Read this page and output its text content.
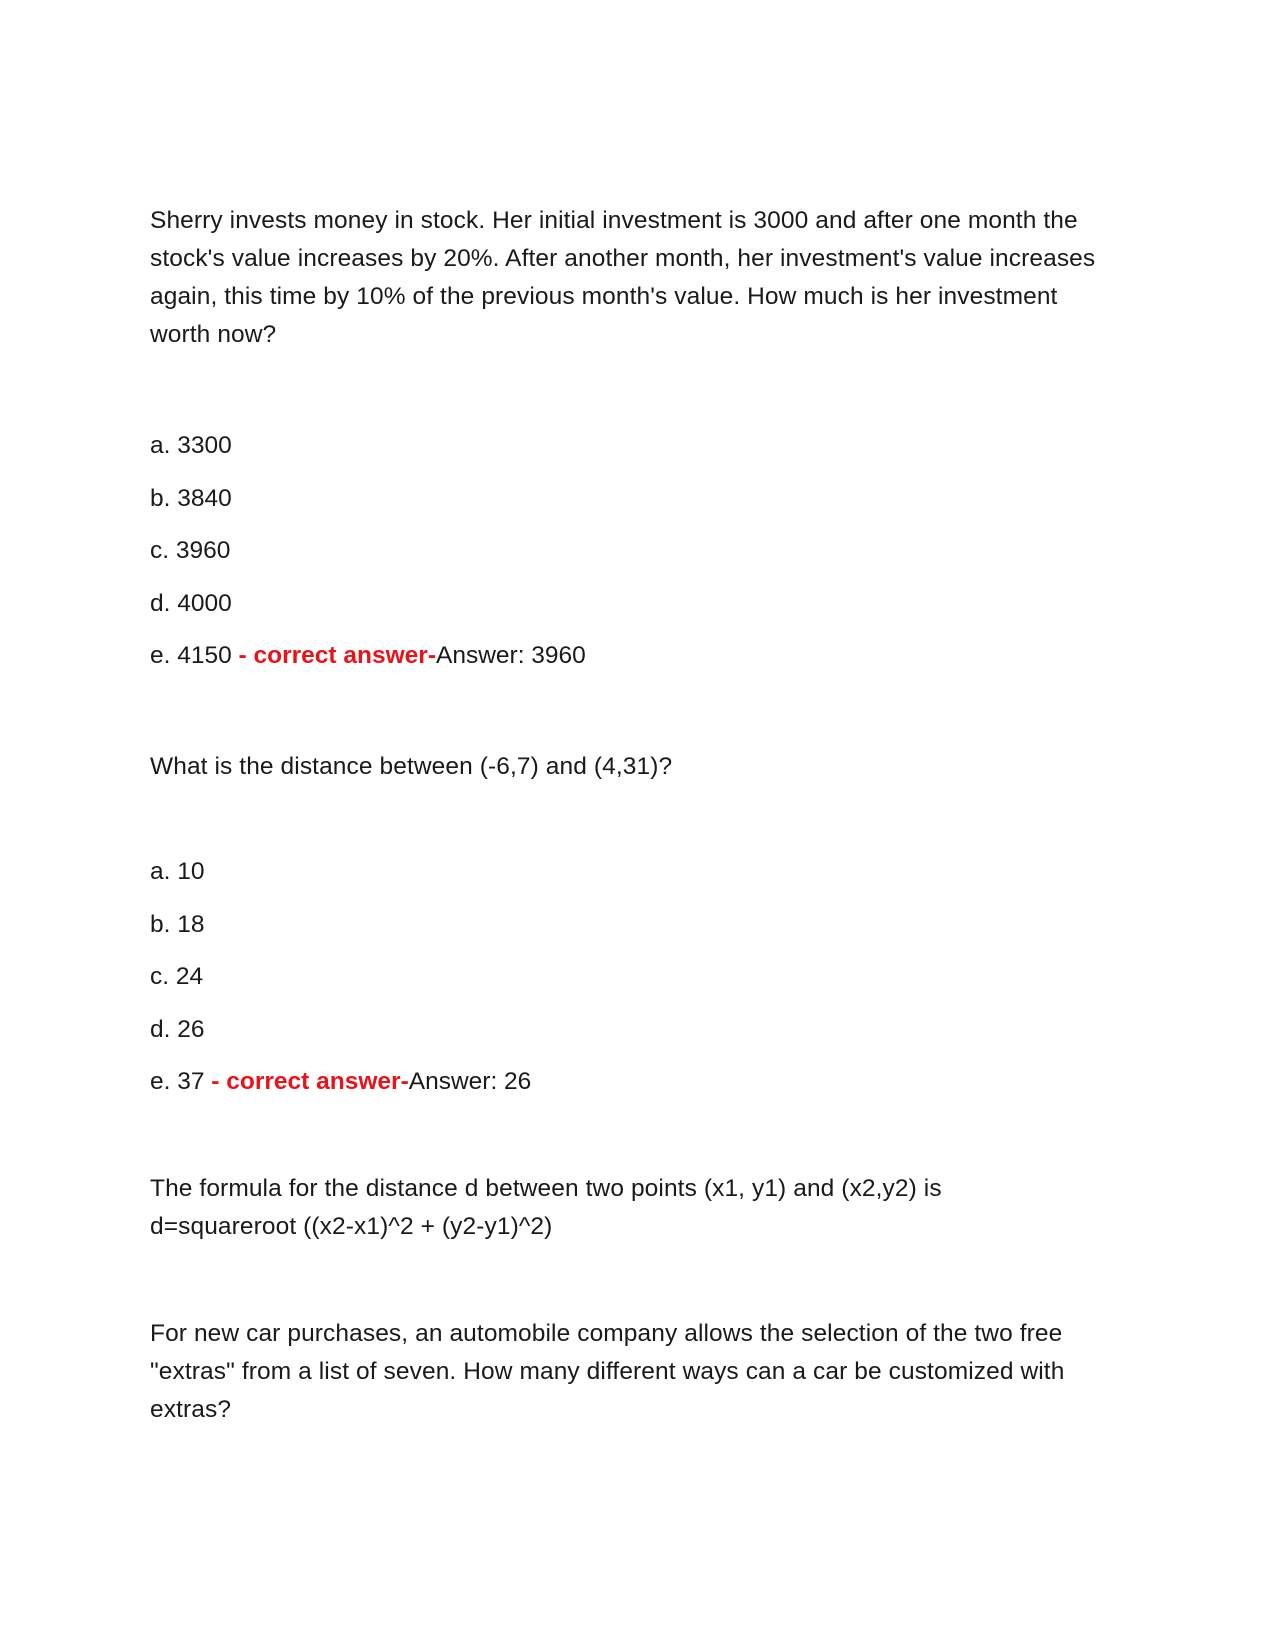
Sherry invests money in stock. Her initial investment is 3000 and after one month the stock's value increases by 20%. After another month, her investment's value increases again, this time by 10% of the previous month's value. How much is her investment worth now?
a. 3300
b. 3840
c. 3960
d. 4000
e. 4150 - correct answer-Answer: 3960
What is the distance between (-6,7) and (4,31)?
a. 10
b. 18
c. 24
d. 26
e. 37 - correct answer-Answer: 26
The formula for the distance d between two points (x1, y1) and (x2,y2) is
d=squareroot ((x2-x1)^2 + (y2-y1)^2)
For new car purchases, an automobile company allows the selection of the two free "extras" from a list of seven. How many different ways can a car be customized with extras?
